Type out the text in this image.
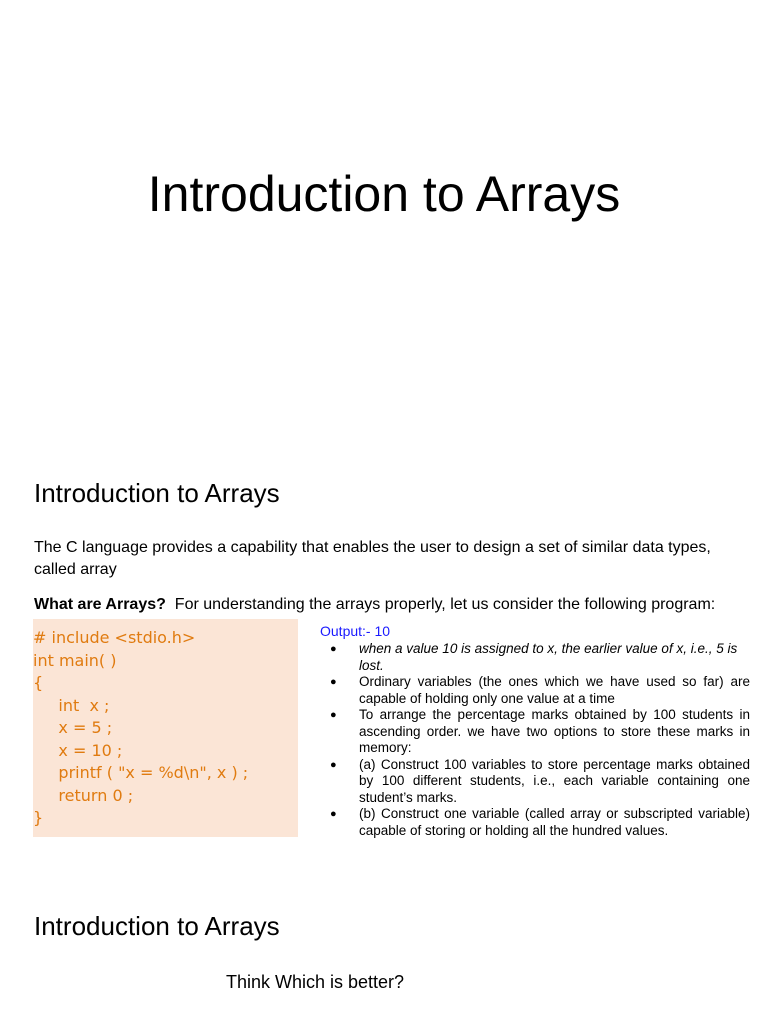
Introduction to Arrays
Introduction to Arrays

The C language provides a capability that enables the user to design a set of similar data types, called array

What are Arrays? For understanding the arrays properly, let us consider the following program:

# include <stdio.h>
int main( )
{
int  x ;
x = 5 ;
x = 10 ;
printf ( "x = %d\n", x ) ;
return 0 ;
}
Output:- 10
● when a value 10 is assigned to x, the earlier value of x, i.e., 5 is lost.
● Ordinary variables (the ones which we have used so far) are capable of holding only one value at a time
● To arrange the percentage marks obtained by 100 students in ascending order. we have two options to store these marks in memory:
● (a) Construct 100 variables to store percentage marks obtained by 100 different students, i.e., each variable containing one student’s marks.
● (b) Construct one variable (called array or subscripted variable) capable of storing or holding all the hundred values.
Introduction to Arrays

Think Which is better?
